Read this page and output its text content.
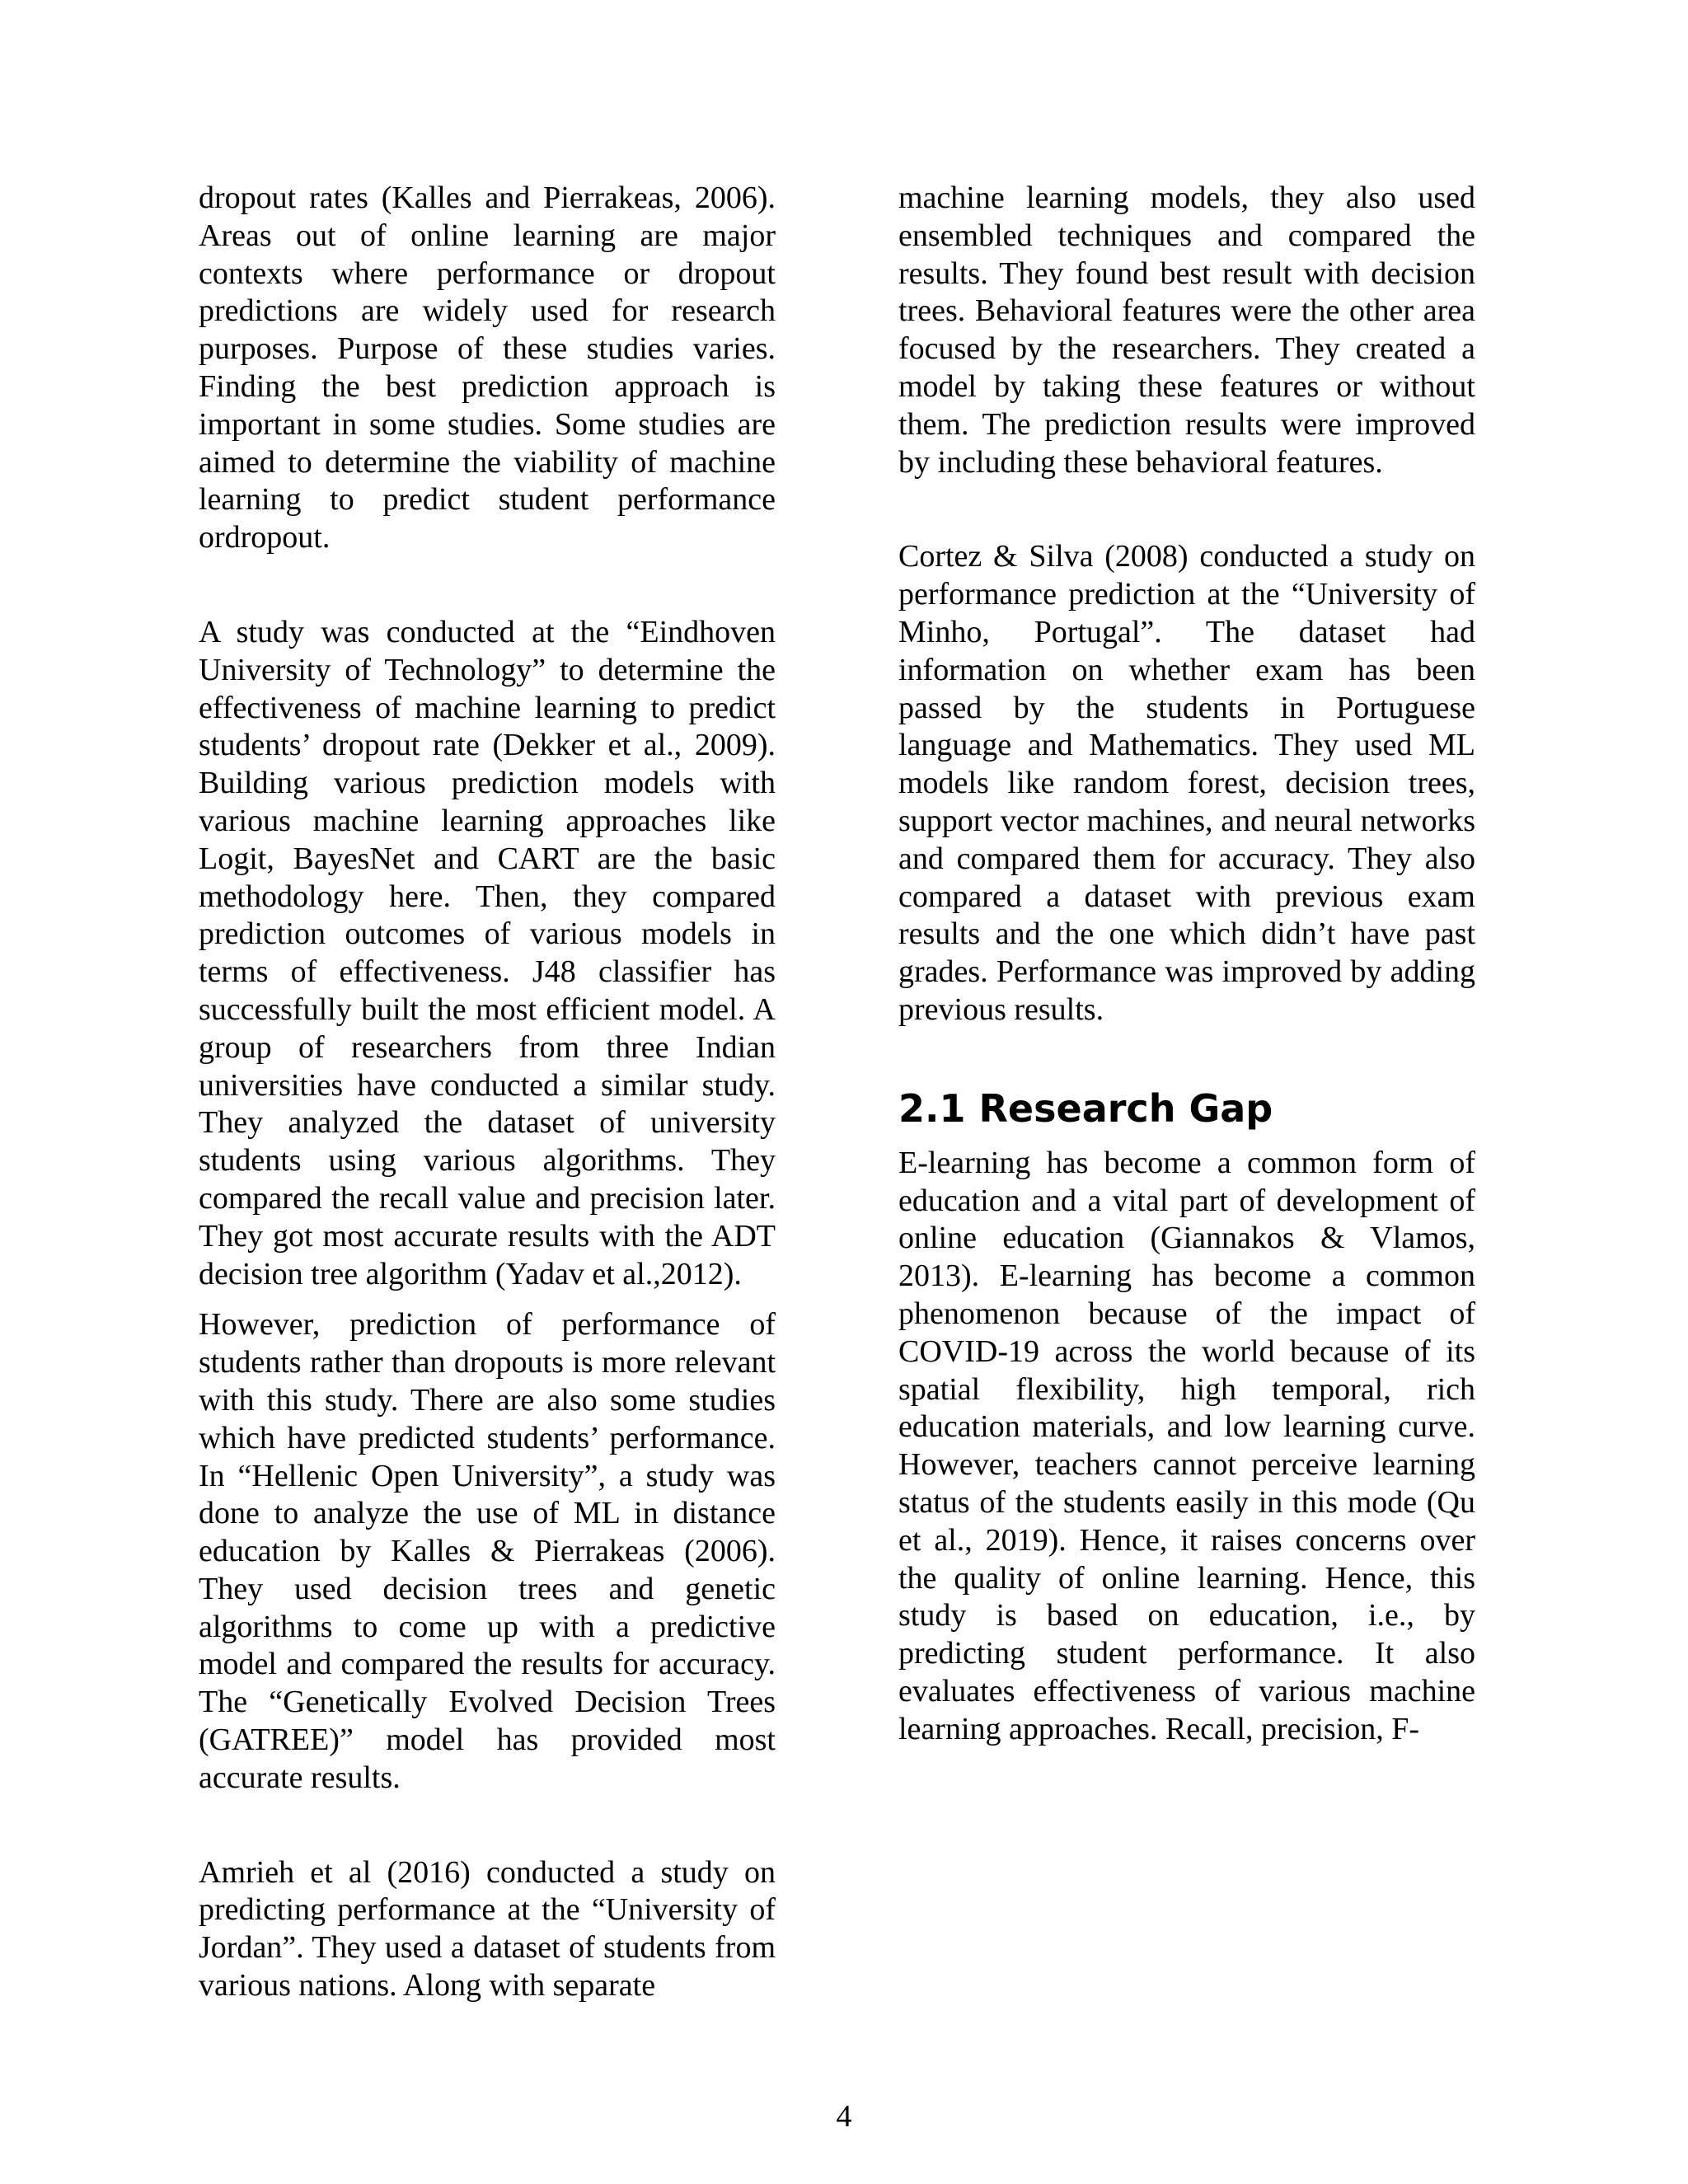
dropout rates (Kalles and Pierrakeas, 2006). Areas out of online learning are major contexts where performance or dropout predictions are widely used for research purposes. Purpose of these studies varies. Finding the best prediction approach is important in some studies. Some studies are aimed to determine the viability of machine learning to predict student performance ordropout.

A study was conducted at the “Eindhoven University of Technology” to determine the effectiveness of machine learning to predict students’ dropout rate (Dekker et al., 2009). Building various prediction models with various machine learning approaches like Logit, BayesNet and CART are the basic methodology here. Then, they compared prediction outcomes of various models in terms of effectiveness. J48 classifier has successfully built the most efficient model. A group of researchers from three Indian universities have conducted a similar study. They analyzed the dataset of university students using various algorithms. They compared the recall value and precision later. They got most accurate results with the ADT decision tree algorithm (Yadav et al.,2012).

However, prediction of performance of students rather than dropouts is more relevant with this study. There are also some studies which have predicted students’ performance. In “Hellenic Open University”, a study was done to analyze the use of ML in distance education by Kalles & Pierrakeas (2006). They used decision trees and genetic algorithms to come up with a predictive model and compared the results for accuracy. The “Genetically Evolved Decision Trees (GATREE)” model has provided most accurate results.

Amrieh et al (2016) conducted a study on predicting performance at the “University of Jordan”. They used a dataset of students from various nations. Along with separate

machine learning models, they also used ensembled techniques and compared the results. They found best result with decision trees. Behavioral features were the other area focused by the researchers. They created a model by taking these features or without them. The prediction results were improved by including these behavioral features.

Cortez & Silva (2008) conducted a study on performance prediction at the “University of Minho, Portugal”. The dataset had information on whether exam has been passed by the students in Portuguese language and Mathematics. They used ML models like random forest, decision trees, support vector machines, and neural networks and compared them for accuracy. They also compared a dataset with previous exam results and the one which didn’t have past grades. Performance was improved by adding previous results.

2.1 Research Gap

E-learning has become a common form of education and a vital part of development of online education (Giannakos & Vlamos, 2013). E-learning has become a common phenomenon because of the impact of COVID-19 across the world because of its spatial flexibility, high temporal, rich education materials, and low learning curve. However, teachers cannot perceive learning status of the students easily in this mode (Qu et al., 2019). Hence, it raises concerns over the quality of online learning. Hence, this study is based on education, i.e., by predicting student performance. It also evaluates effectiveness of various machine learning approaches. Recall, precision, F-

4
